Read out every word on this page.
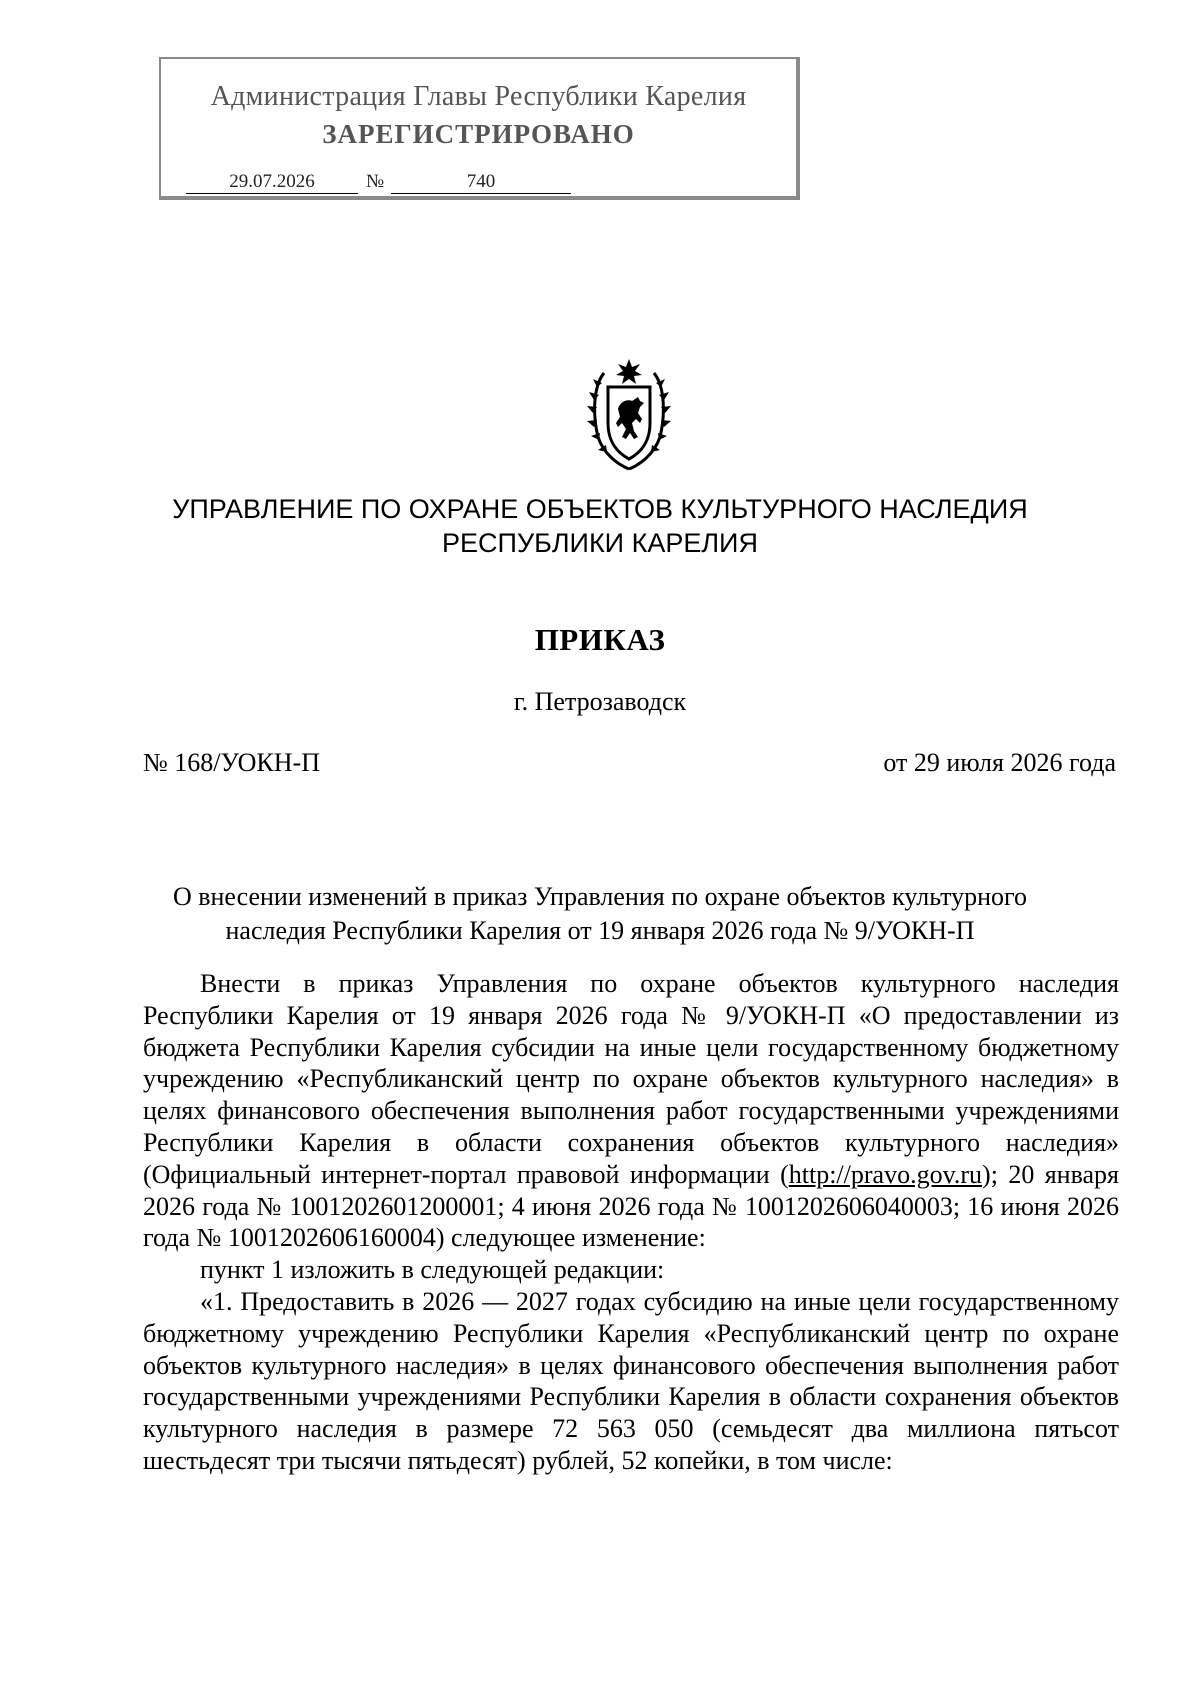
Администрация Главы Республики Карелия
ЗАРЕГИСТРИРОВАНО
29.07.2026	№	740
УПРАВЛЕНИЕ ПО ОХРАНЕ ОБЪЕКТОВ КУЛЬТУРНОГО НАСЛЕДИЯ
РЕСПУБЛИКИ КАРЕЛИЯ
ПРИКАЗ
г. Петрозаводск
№ 168/УОКН-П	от 29 июля 2026 года
О внесении изменений в приказ Управления по охране объектов культурного
наследия Республики Карелия от 19 января 2026 года № 9/УОКН-П

Внести в приказ Управления по охране объектов культурного наследия Республики Карелия от 19 января 2026 года № 9/УОКН-П «О предоставлении из бюджета Республики Карелия субсидии на иные цели государственному бюджетному учреждению «Республиканский центр по охране объектов культурного наследия» в целях финансового обеспечения выполнения работ государственными учреждениями Республики Карелия в области сохранения объектов культурного наследия» (Официальный интернет-портал правовой информации (http://pravo.gov.ru); 20 января 2026 года № 1001202601200001; 4 июня 2026 года № 1001202606040003; 16 июня 2026 года № 1001202606160004) следующее изменение:

пункт 1 изложить в следующей редакции:

«1. Предоставить в 2026 — 2027 годах субсидию на иные цели государственному бюджетному учреждению Республики Карелия «Республиканский центр по охране объектов культурного наследия» в целях финансового обеспечения выполнения работ государственными учреждениями Республики Карелия в области сохранения объектов культурного наследия в размере 72 563 050 (семьдесят два миллиона пятьсот шестьдесят три тысячи пятьдесят) рублей, 52 копейки, в том числе:
